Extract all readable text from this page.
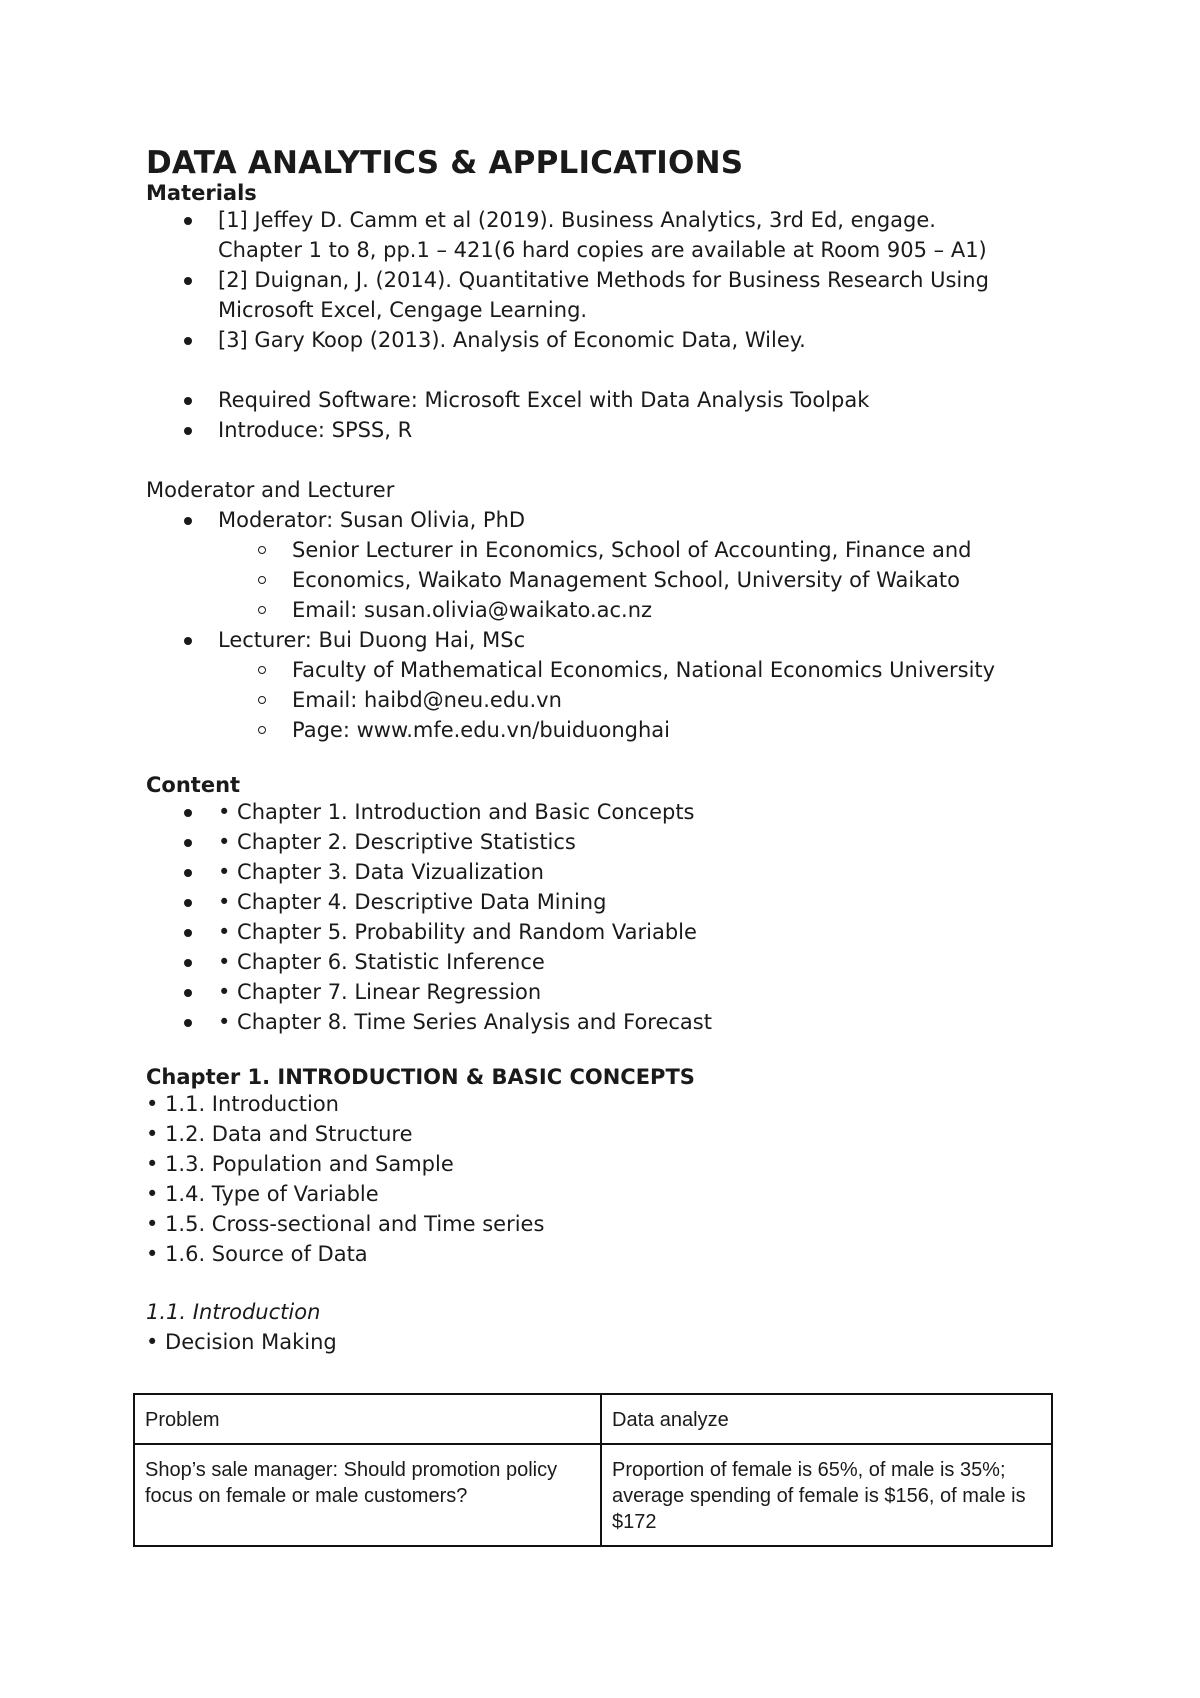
DATA ANALYTICS & APPLICATIONS
Materials
[1] Jeffey D. Camm et al (2019). Business Analytics, 3rd Ed, engage.
Chapter 1 to 8, pp.1 – 421(6 hard copies are available at Room 905 – A1)
[2] Duignan, J. (2014). Quantitative Methods for Business Research Using
Microsoft Excel, Cengage Learning.
[3] Gary Koop (2013). Analysis of Economic Data, Wiley.
Required Software: Microsoft Excel with Data Analysis Toolpak
Introduce: SPSS, R
Moderator and Lecturer
Moderator: Susan Olivia, PhD
Senior Lecturer in Economics, School of Accounting, Finance and
Economics, Waikato Management School, University of Waikato
Email: susan.olivia@waikato.ac.nz
Lecturer: Bui Duong Hai, MSc
Faculty of Mathematical Economics, National Economics University
Email: haibd@neu.edu.vn
Page: www.mfe.edu.vn/buiduonghai
Content
• Chapter 1. Introduction and Basic Concepts
• Chapter 2. Descriptive Statistics
• Chapter 3. Data Vizualization
• Chapter 4. Descriptive Data Mining
• Chapter 5. Probability and Random Variable
• Chapter 6. Statistic Inference
• Chapter 7. Linear Regression
• Chapter 8. Time Series Analysis and Forecast
Chapter 1. INTRODUCTION & BASIC CONCEPTS
• 1.1. Introduction
• 1.2. Data and Structure
• 1.3. Population and Sample
• 1.4. Type of Variable
• 1.5. Cross-sectional and Time series
• 1.6. Source of Data
1.1. Introduction
• Decision Making
Problem	Data analyze
Shop’s sale manager: Should promotion policy focus on female or male customers?	Proportion of female is 65%, of male is 35%; average spending of female is $156, of male is $172
